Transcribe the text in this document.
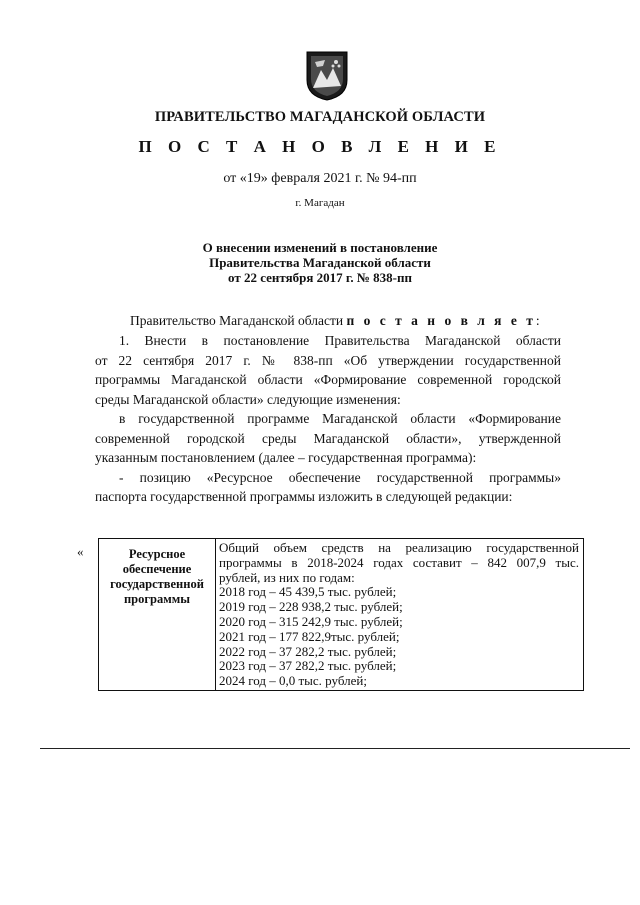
ПРАВИТЕЛЬСТВО МАГАДАНСКОЙ ОБЛАСТИ
П О С Т А Н О В Л Е Н И Е
от «19» февраля 2021 г. № 94-пп
г. Магадан
О внесении изменений в постановление
Правительства Магаданской области
от 22 сентября 2017 г. № 838-пп
Правительство Магаданской области п о с т а н о в л я е т:
1. Внести в постановление Правительства Магаданской области
от 22 сентября 2017 г. № 838-пп «Об утверждении государственной
программы Магаданской области «Формирование современной городской
среды Магаданской области» следующие изменения:
в государственной программе Магаданской области «Формирование
современной городской среды Магаданской области», утвержденной
указанным постановлением (далее – государственная программа):
- позицию «Ресурсное обеспечение государственной программы»
паспорта государственной программы изложить в следующей редакции:
«	Ресурсное
обеспечение
государственной
программы
Общий объем средств на реализацию государственной
программы в 2018-2024 годах составит – 842 007,9 тыс.
рублей, из них по годам:
2018 год – 45 439,5 тыс. рублей;
2019 год – 228 938,2 тыс. рублей;
2020 год – 315 242,9 тыс. рублей;
2021 год – 177 822,9тыс. рублей;
2022 год – 37 282,2 тыс. рублей;
2023 год – 37 282,2 тыс. рублей;
2024 год – 0,0 тыс. рублей;
